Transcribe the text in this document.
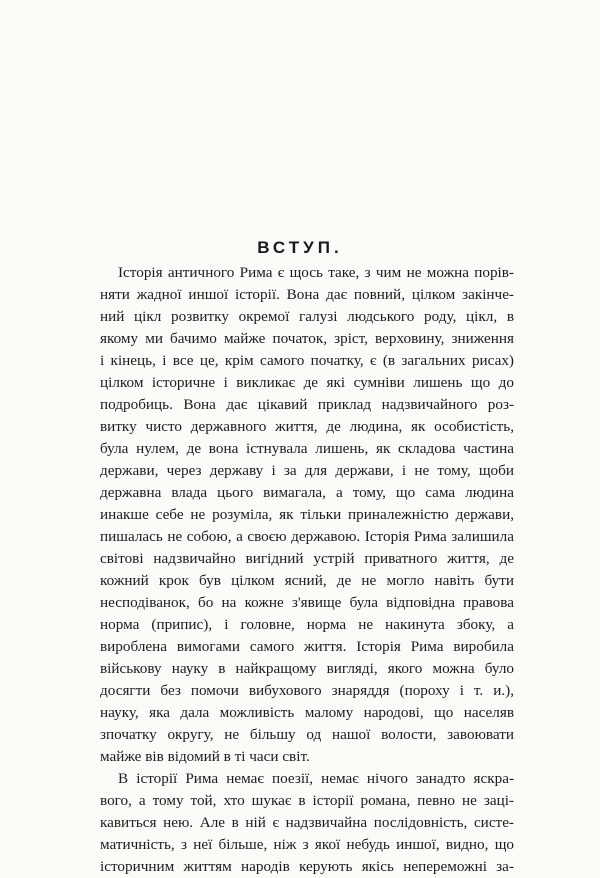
ВСТУП.
Історія античного Рима є щось таке, з чим не можна порів-
няти жадної иншої історії. Вона дає повний, цілком закінче-
ний цікл розвитку окремої галузі людського роду, цікл, в
якому ми бачимо майже початок, зріст, верховину, зниження
і кінець, і все це, крім самого початку, є (в загальних рисах)
цілком історичне і викликає де які сумніви лишень що до
подробиць. Вона дає цікавий приклад надзвичайного роз-
витку чисто державного життя, де людина, як особистість,
була нулем, де вона істнувала лишень, як складова частина
держави, через державу і за для держави, і не тому, щоби
державна влада цього вимагала, а тому, що сама людина
инакше себе не розуміла, як тільки приналежністю держави,
пишалась не собою, а своєю державою. Історія Рима залишила
світові надзвичайно вигідний устрій приватного життя, де
кожний крок був цілком ясний, де не могло навіть бути
несподіванок, бо на кожне з'явище була відповідна правова
норма (припис), і головне, норма не накинута збоку, а
вироблена вимогами самого життя. Історія Рима виробила
військову науку в найкращому вигляді, якого можна було
досягти без помочи вибухового знаряддя (пороху і т. и.),
науку, яка дала можливість малому народові, що населяв
зпочатку округу, не більшу од нашої волости, завоювати
майже вів відомий в ті часи світ.
В історії Рима немає поезії, немає нічого занадто яскра-
вого, а тому той, хто шукає в історії романа, певно не заці-
кавиться нею. Але в ній є надзвичайна послідовність, систе-
матичність, з неї більше, ніж з якої небудь иншої, видно, що
історичним життям народів керують якісь непереможні за-
